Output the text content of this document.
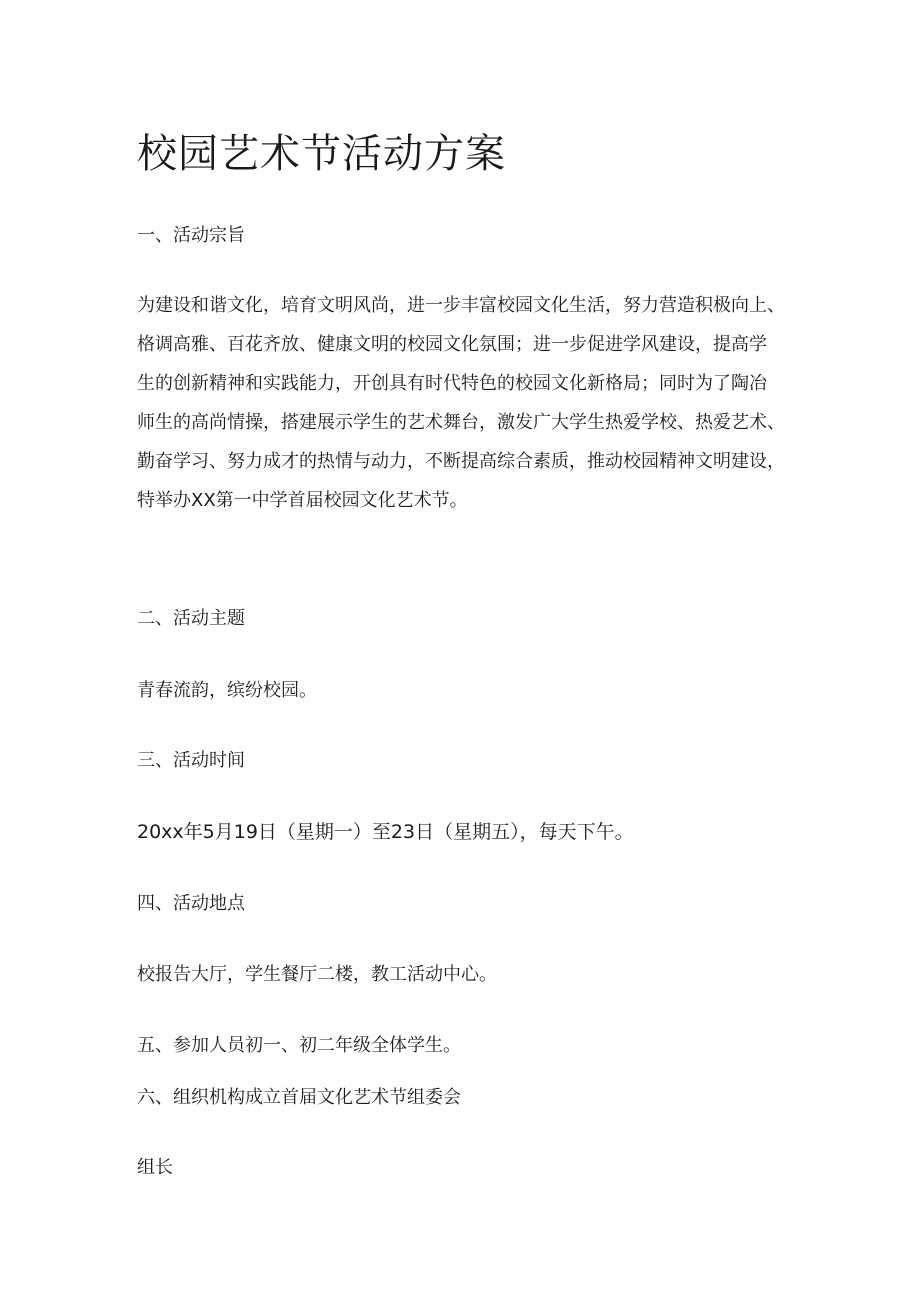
校园艺术节活动方案

一、活动宗旨

为建设和谐文化，培育文明风尚，进一步丰富校园文化生活，努力营造积极向上、
格调高雅、百花齐放、健康文明的校园文化氛围；进一步促进学风建设，提高学
生的创新精神和实践能力，开创具有时代特色的校园文化新格局；同时为了陶冶
师生的高尚情操，搭建展示学生的艺术舞台，激发广大学生热爱学校、热爱艺术、
勤奋学习、努力成才的热情与动力，不断提高综合素质，推动校园精神文明建设，
特举办XX第一中学首届校园文化艺术节。

二、活动主题

青春流韵，缤纷校园。

三、活动时间

20xx年5月19日（星期一）至23日（星期五），每天下午。

四、活动地点

校报告大厅，学生餐厅二楼，教工活动中心。

五、参加人员初一、初二年级全体学生。

六、组织机构成立首届文化艺术节组委会

组长
